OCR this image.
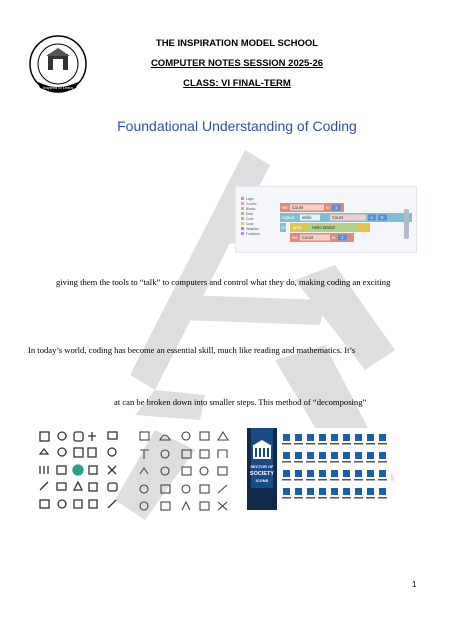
Inspired to Learn
THE INSPIRATION MODEL SCHOOL
COMPUTER NOTES SESSION 2025-26
CLASS: VI FINAL-TERM
Foundational Understanding of Coding
Logic
Control
Blocks
Data
Color
Color
Variables
Functions
set Count	to 1
repeat while	Count	≤ 5
do print	Hello World!
set Count	to 1
giving them the tools to “talk” to computers and control what they do, making coding an exciting
In today’s world, coding has become an essential skill, much like reading and mathematics. It’s
at can be broken down into smaller steps. This method of “decomposing”
SECTOR OF
SOCIETY
ICONS
1
